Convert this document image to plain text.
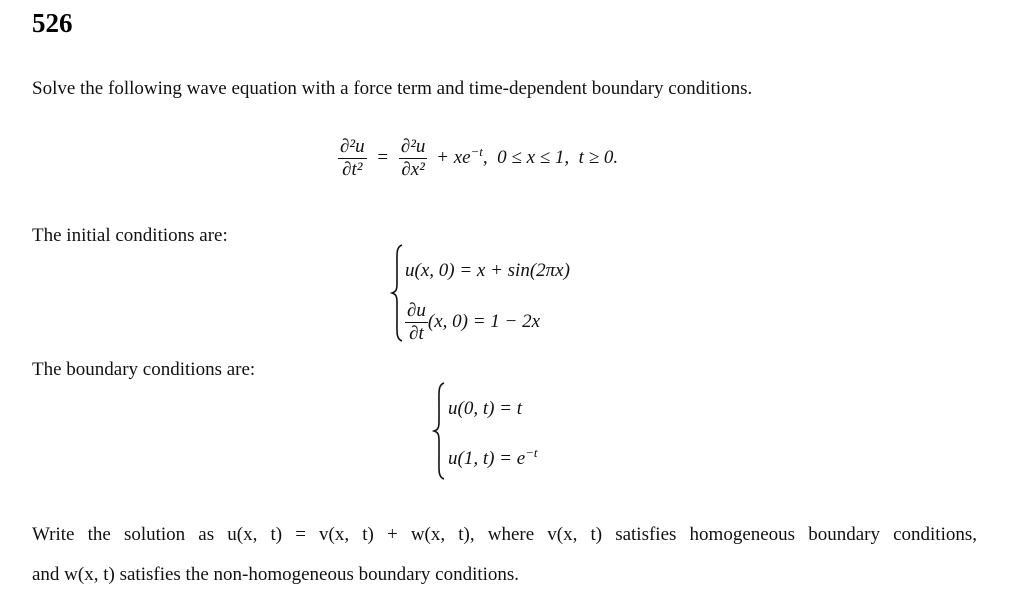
526
Solve the following wave equation with a force term and time-dependent boundary conditions.
$\frac{\text{∂²u}}{\text{∂t²}} = \frac{\text{∂²u}}{\text{∂x²}} + xe^{-t}$,  0 ≤ x ≤ 1,  t ≥ 0.
The initial conditions are:
u(x, 0) = x + sin(2πx)
$\frac{\partial u}{\partial t} (x$, 0) = 1 − 2x
The boundary conditions are:
u(0, t) = t
u(1, $t) = e^{-t}$
Write the solution as u(x, t) = v(x, t) + w(x, t), where v(x, t) satisfies homogeneous boundary conditions,
and w(x, t) satisfies the non-homogeneous boundary conditions.
